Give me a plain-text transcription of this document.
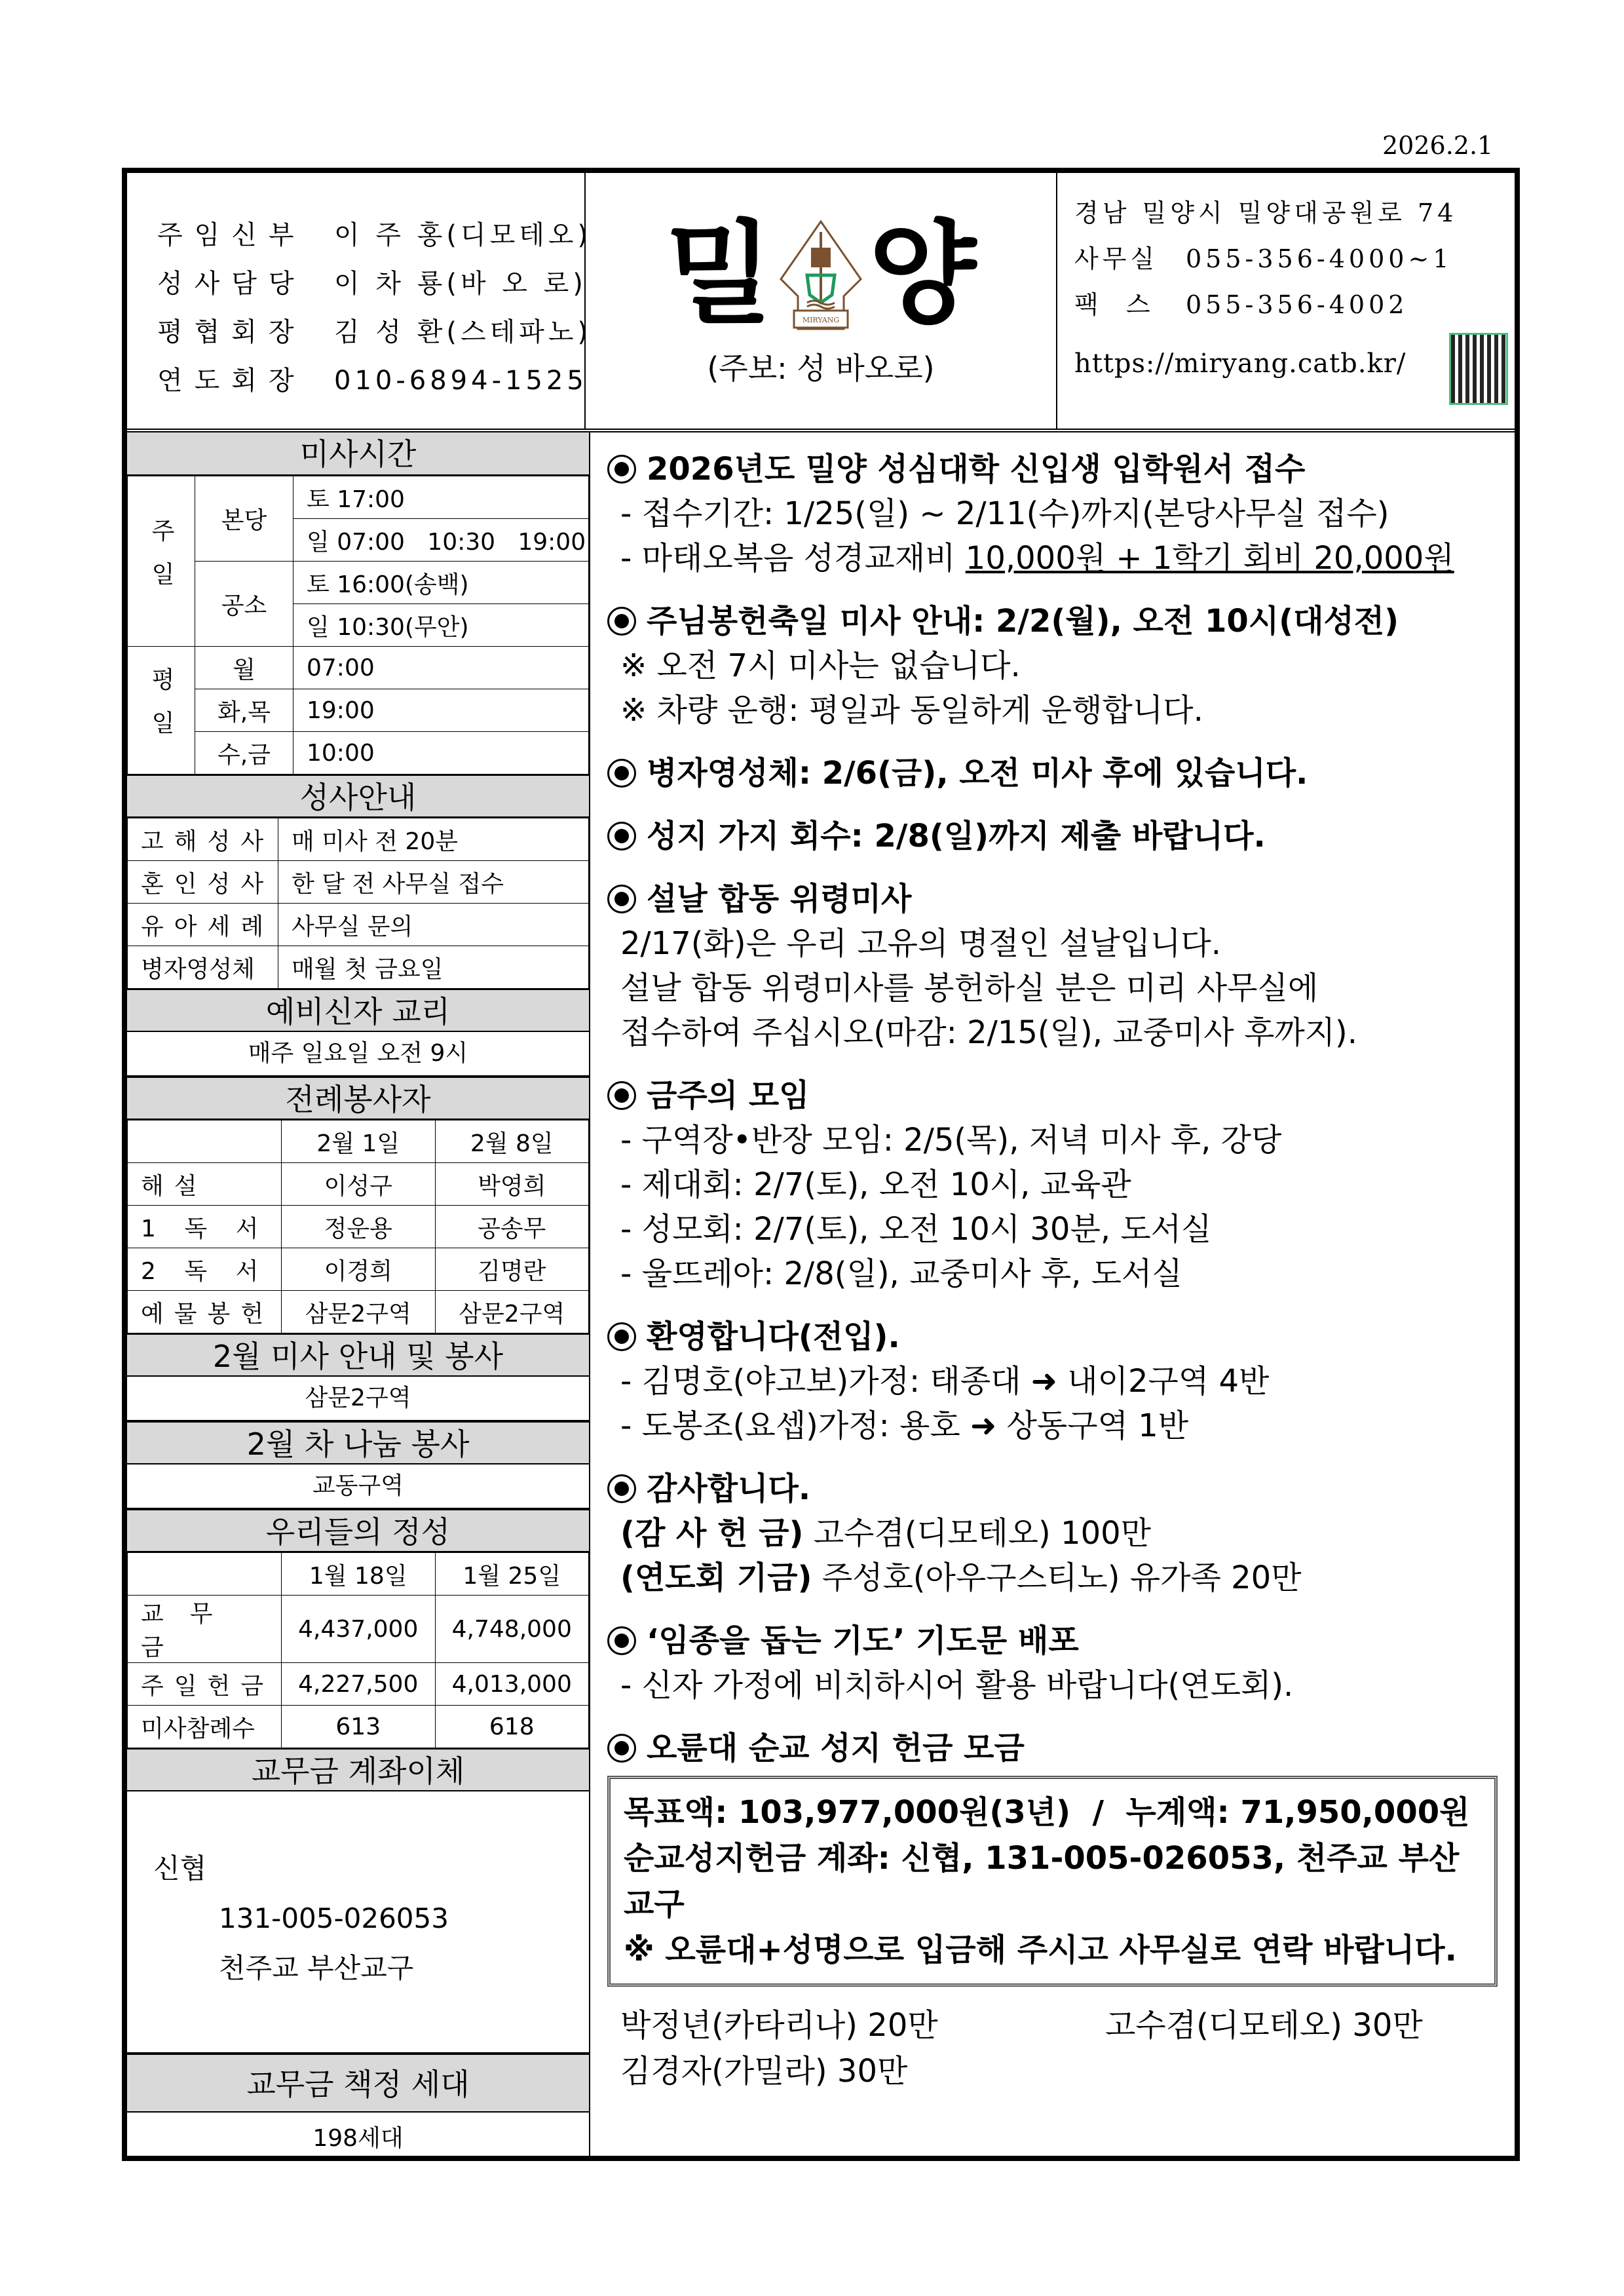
2026.2.1
주임신부 이 주 홍(디모테오)
성사담당 이 차 룡(바 오 로)
평협회장 김 성 환(스테파노)
연도회장 010-6894-1525
밀	MIRYANG 양
(주보: 성 바오로)
경남 밀양시 밀양대공원로 74
사무실 055-356-4000~1
팩  스 055-356-4002
https://miryang.catb.kr/
미사시간
주일	본당	토 17:00
		일 07:00   10:30   19:00
	공소	토 16:00(송백)
		일 10:30(무안)
평일	월	07:00
	화,목	19:00
	수,금	10:00
성사안내
고해성사	매 미사 전 20분
혼인성사	한 달 전 사무실 접수
유아세례	사무실 문의
병자영성체	매월 첫 금요일
예비신자 교리
매주 일요일 오전 9시
전례봉사자
	2월 1일	2월 8일
해설	이성구	박영희
1 독 서	정운용	공송무
2 독 서	이경희	김명란
예물봉헌	삼문2구역	삼문2구역
2월 미사 안내 및 봉사
삼문2구역
2월 차 나눔 봉사
교동구역
우리들의 정성
	1월 18일	1월 25일
교무금	4,437,000	4,748,000
주일헌금	4,227,500	4,013,000
미사참례수	613	618
교무금 계좌이체
신협
131-005-026053
천주교 부산교구
교무금 책정 세대
198세대
2026년도 밀양 성심대학 신입생 입학원서 접수
- 접수기간: 1/25(일) ~ 2/11(수)까지(본당사무실 접수)
- 마태오복음 성경교재비 10,000원 + 1학기 회비 20,000원
주님봉헌축일 미사 안내: 2/2(월), 오전 10시(대성전)
※ 오전 7시 미사는 없습니다.
※ 차량 운행: 평일과 동일하게 운행합니다.
병자영성체: 2/6(금), 오전 미사 후에 있습니다.
성지 가지 회수: 2/8(일)까지 제출 바랍니다.
설날 합동 위령미사
2/17(화)은 우리 고유의 명절인 설날입니다.
설날 합동 위령미사를 봉헌하실 분은 미리 사무실에
접수하여 주십시오(마감: 2/15(일), 교중미사 후까지).
금주의 모임
- 구역장•반장 모임: 2/5(목), 저녁 미사 후, 강당
- 제대회: 2/7(토), 오전 10시, 교육관
- 성모회: 2/7(토), 오전 10시 30분, 도서실
- 울뜨레아: 2/8(일), 교중미사 후, 도서실
환영합니다(전입).
- 김명호(야고보)가정: 태종대 ➜ 내이2구역 4반
- 도봉조(요셉)가정: 용호 ➜ 상동구역 1반
감사합니다.
(감 사 헌 금) 고수겸(디모테오) 100만
(연도회 기금) 주성호(아우구스티노) 유가족 20만
‘임종을 돕는 기도’ 기도문 배포
- 신자 가정에 비치하시어 활용 바랍니다(연도회).
오륜대 순교 성지 헌금 모금
목표액: 103,977,000원(3년)  /  누계액: 71,950,000원
순교성지헌금 계좌: 신협, 131-005-026053, 천주교 부산교구
※ 오륜대+성명으로 입금해 주시고 사무실로 연락 바랍니다.
박정년(카타리나) 20만	고수겸(디모테오) 30만
김경자(가밀라) 30만
